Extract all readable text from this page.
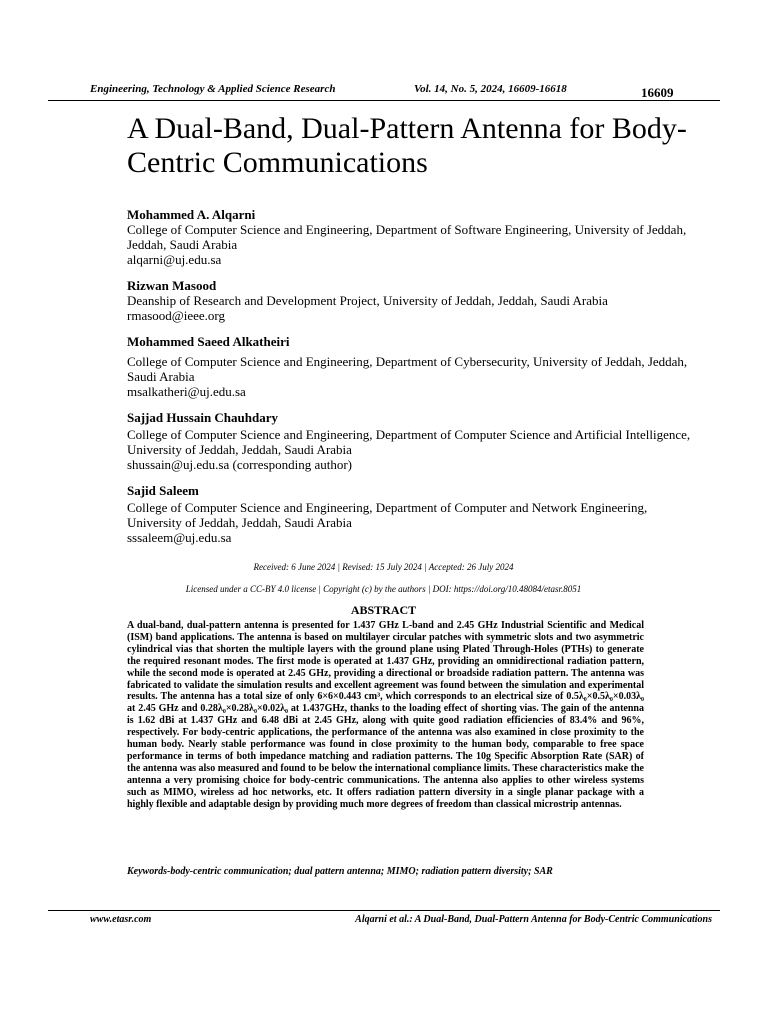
Engineering, Technology & Applied Science Research	Vol. 14, No. 5, 2024, 16609-16618	16609
A Dual-Band, Dual-Pattern Antenna for Body-Centric Communications
Mohammed A. Alqarni
College of Computer Science and Engineering, Department of Software Engineering, University of Jeddah, Jeddah, Saudi Arabia
alqarni@uj.edu.sa
Rizwan Masood
Deanship of Research and Development Project, University of Jeddah, Jeddah, Saudi Arabia
rmasood@ieee.org
Mohammed Saeed Alkatheiri
College of Computer Science and Engineering, Department of Cybersecurity, University of Jeddah, Jeddah, Saudi Arabia
msalkatheri@uj.edu.sa
Sajjad Hussain Chauhdary
College of Computer Science and Engineering, Department of Computer Science and Artificial Intelligence, University of Jeddah, Jeddah, Saudi Arabia
shussain@uj.edu.sa (corresponding author)
Sajid Saleem
College of Computer Science and Engineering, Department of Computer and Network Engineering, University of Jeddah, Jeddah, Saudi Arabia
sssaleem@uj.edu.sa
Received: 6 June 2024 | Revised: 15 July 2024 | Accepted: 26 July 2024
Licensed under a CC-BY 4.0 license | Copyright (c) by the authors | DOI: https://doi.org/10.48084/etasr.8051
ABSTRACT

A dual-band, dual-pattern antenna is presented for 1.437 GHz L-band and 2.45 GHz Industrial Scientific and Medical (ISM) band applications. The antenna is based on multilayer circular patches with symmetric slots and two asymmetric cylindrical vias that shorten the multiple layers with the ground plane using Plated Through-Holes (PTHs) to generate the required resonant modes. The first mode is operated at 1.437 GHz, providing an omnidirectional radiation pattern, while the second mode is operated at 2.45 GHz, providing a directional or broadside radiation pattern. The antenna was fabricated to validate the simulation results and excellent agreement was found between the simulation and experimental results. The antenna has a total size of only 6×6×0.443 cm³, which corresponds to an electrical size of 0.5λ₀×0.5λ₀×0.03λ₀ at 2.45 GHz and 0.28λ₀×0.28λ₀×0.02λ₀ at 1.437GHz, thanks to the loading effect of shorting vias. The gain of the antenna is 1.62 dBi at 1.437 GHz and 6.48 dBi at 2.45 GHz, along with quite good radiation efficiencies of 83.4% and 96%, respectively. For body-centric applications, the performance of the antenna was also examined in close proximity to the human body. Nearly stable performance was found in close proximity to the human body, comparable to free space performance in terms of both impedance matching and radiation patterns. The 10g Specific Absorption Rate (SAR) of the antenna was also measured and found to be below the international compliance limits. These characteristics make the antenna a very promising choice for body-centric communications. The antenna also applies to other wireless systems such as MIMO, wireless ad hoc networks, etc. It offers radiation pattern diversity in a single planar package with a highly flexible and adaptable design by providing much more degrees of freedom than classical microstrip antennas.

Keywords-body-centric communication; dual pattern antenna; MIMO; radiation pattern diversity; SAR
www.etasr.com	Alqarni et al.: A Dual-Band, Dual-Pattern Antenna for Body-Centric Communications
